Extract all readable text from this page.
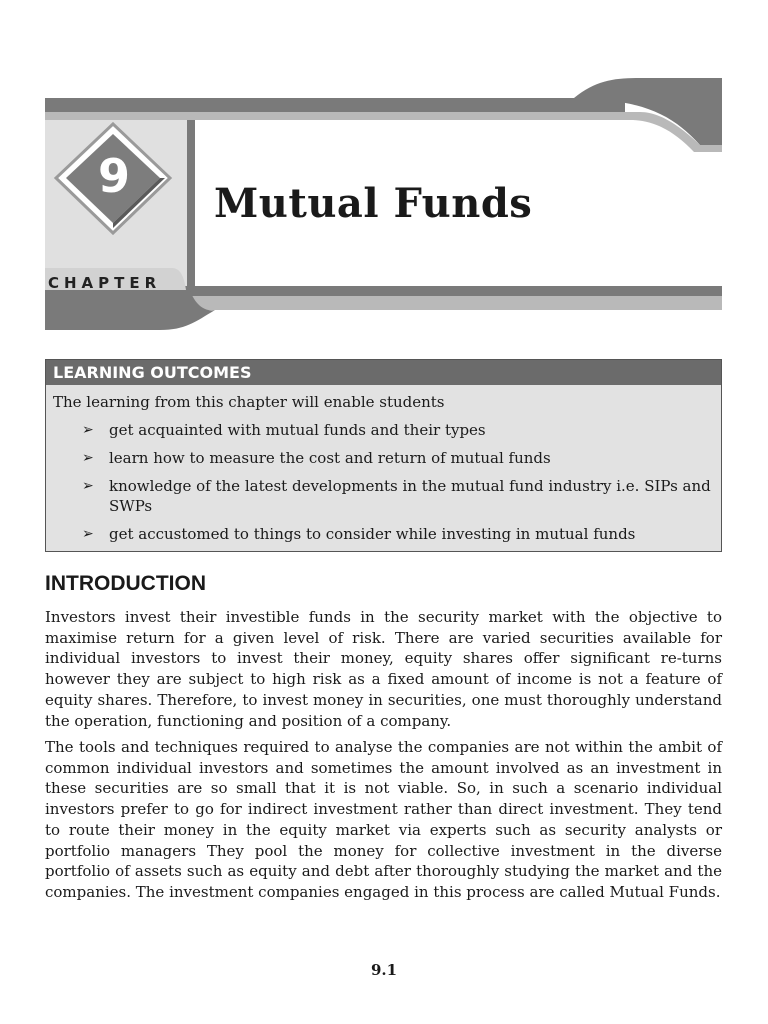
9
CHAPTER
Mutual Funds
LEARNING OUTCOMES
The learning from this chapter will enable students
➢ get acquainted with mutual funds and their types
➢ learn how to measure the cost and return of mutual funds
➢ knowledge of the latest developments in the mutual fund industry i.e. SIPs and SWPs
➢ get accustomed to things to consider while investing in mutual funds
INTRODUCTION

Investors invest their investible funds in the security market with the objective to maximise return for a given level of risk. There are varied securities available for individual investors to invest their money, equity shares offer significant re-turns however they are subject to high risk as a fixed amount of income is not a feature of equity shares. Therefore, to invest money in securities, one must thoroughly understand the operation, functioning and position of a company.

The tools and techniques required to analyse the companies are not within the ambit of common individual investors and sometimes the amount involved as an investment in these securities are so small that it is not viable. So, in such a scenario individual investors prefer to go for indirect investment rather than direct investment. They tend to route their money in the equity market via experts such as security analysts or portfolio managers They pool the money for collective investment in the diverse portfolio of assets such as equity and debt after thoroughly studying the market and the companies. The investment companies engaged in this process are called Mutual Funds.

9.1
